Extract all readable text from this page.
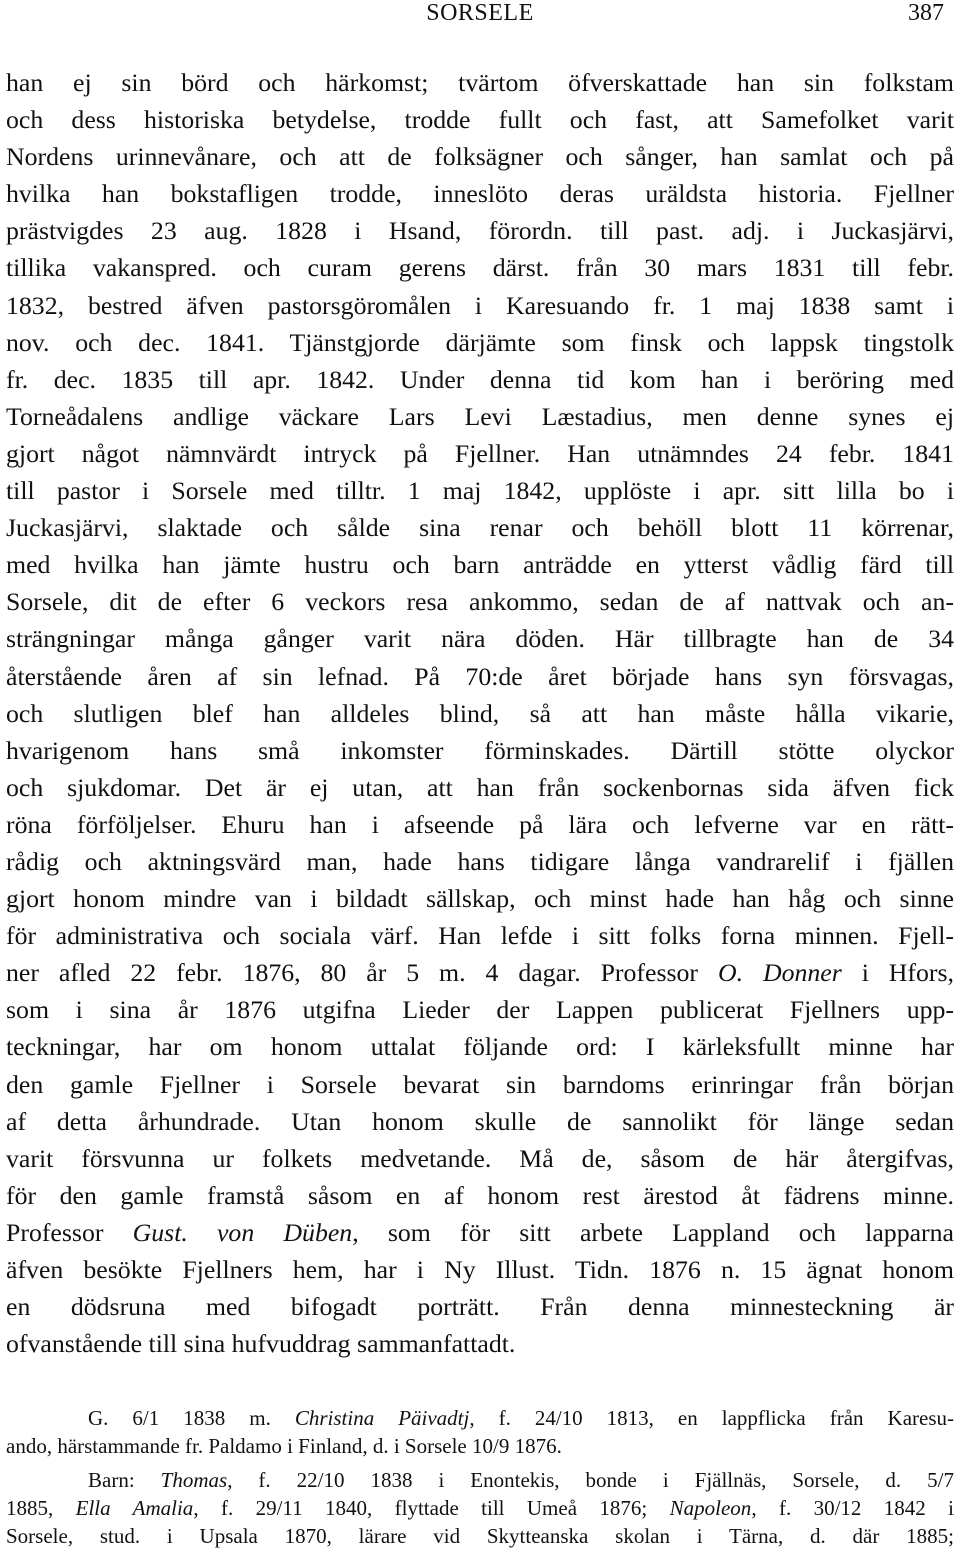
SORSELE	387
han ej sin börd och härkomst; tvärtom öfverskattade han sin folkstam
och dess historiska betydelse, trodde fullt och fast, att Samefolket varit
Nordens urinnevånare, och att de folksägner och sånger, han samlat och på
hvilka han bokstafligen trodde, inneslöto deras uräldsta historia. Fjellner
prästvigdes 23 aug. 1828 i Hsand, förordn. till past. adj. i Juckasjärvi,
tillika vakanspred. och curam gerens därst. från 30 mars 1831 till febr.
1832, bestred äfven pastorsgöromålen i Karesuando fr. 1 maj 1838 samt i
nov. och dec. 1841. Tjänstgjorde därjämte som finsk och lappsk tingstolk
fr. dec. 1835 till apr. 1842. Under denna tid kom han i beröring med
Torneådalens andlige väckare Lars Levi Læstadius, men denne synes ej
gjort något nämnvärdt intryck på Fjellner. Han utnämndes 24 febr. 1841
till pastor i Sorsele med tilltr. 1 maj 1842, upplöste i apr. sitt lilla bo i
Juckasjärvi, slaktade och sålde sina renar och behöll blott 11 körrenar,
med hvilka han jämte hustru och barn anträdde en ytterst vådlig färd till
Sorsele, dit de efter 6 veckors resa ankommo, sedan de af nattvak och an-
strängningar många gånger varit nära döden. Här tillbragte han de 34
återstående åren af sin lefnad. På 70:de året började hans syn försvagas,
och slutligen blef han alldeles blind, så att han måste hålla vikarie,
hvarigenom hans små inkomster förminskades. Därtill stötte olyckor
och sjukdomar. Det är ej utan, att han från sockenbornas sida äfven fick
röna förföljelser. Ehuru han i afseende på lära och lefverne var en rätt-
rådig och aktningsvärd man, hade hans tidigare långa vandrarelif i fjällen
gjort honom mindre van i bildadt sällskap, och minst hade han håg och sinne
för administrativa och sociala värf. Han lefde i sitt folks forna minnen. Fjell-
ner afled 22 febr. 1876, 80 år 5 m. 4 dagar. Professor O. Donner i Hfors,
som i sina år 1876 utgifna Lieder der Lappen publicerat Fjellners upp-
teckningar, har om honom uttalat följande ord: I kärleksfullt minne har
den gamle Fjellner i Sorsele bevarat sin barndoms erinringar från början
af detta århundrade. Utan honom skulle de sannolikt för länge sedan
varit försvunna ur folkets medvetande. Må de, såsom de här återgifvas,
för den gamle framstå såsom en af honom rest ärestod åt fädrens minne.
Professor Gust. von Düben, som för sitt arbete Lappland och lapparna
äfven besökte Fjellners hem, har i Ny Illust. Tidn. 1876 n. 15 ägnat honom
en dödsruna med bifogadt porträtt. Från denna minnesteckning är
ofvanstående till sina hufvuddrag sammanfattadt.
G. 6/1 1838 m. Christina Päivadtj, f. 24/10 1813, en lappflicka från Karesu-
ando, härstammande fr. Paldamo i Finland, d. i Sorsele 10/9 1876.
Barn: Thomas, f. 22/10 1838 i Enontekis, bonde i Fjällnäs, Sorsele, d. 5/7
1885, Ella Amalia, f. 29/11 1840, flyttade till Umeå 1876; Napoleon, f. 30/12 1842 i
Sorsele, stud. i Upsala 1870, lärare vid Skytteanska skolan i Tärna, d. där 1885;
